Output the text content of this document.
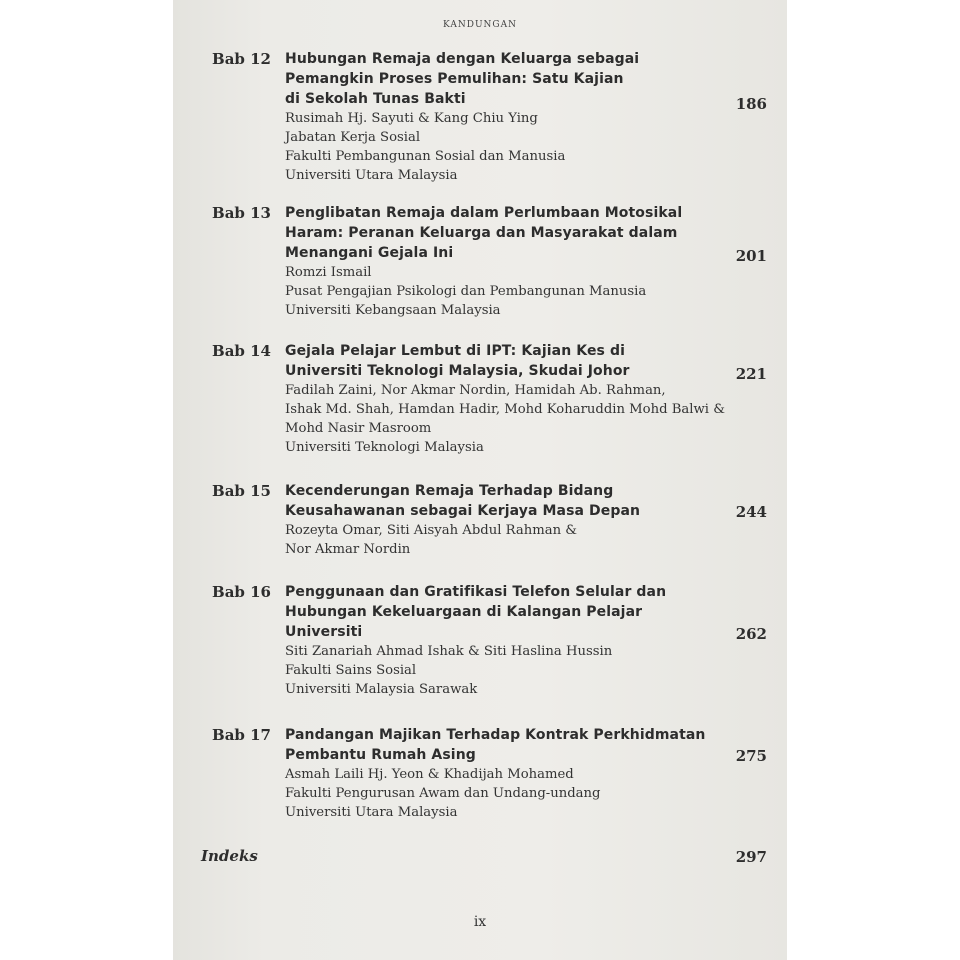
KANDUNGAN
Bab 12 Hubungan Remaja dengan Keluarga sebagai
Pemangkin Proses Pemulihan: Satu Kajian
di Sekolah Tunas Bakti
Rusimah Hj. Sayuti & Kang Chiu Ying
Jabatan Kerja Sosial
Fakulti Pembangunan Sosial dan Manusia
Universiti Utara Malaysia
186
Bab 13 Penglibatan Remaja dalam Perlumbaan Motosikal
Haram: Peranan Keluarga dan Masyarakat dalam
Menangani Gejala Ini
Romzi Ismail
Pusat Pengajian Psikologi dan Pembangunan Manusia
Universiti Kebangsaan Malaysia
201
Bab 14 Gejala Pelajar Lembut di IPT: Kajian Kes di
Universiti Teknologi Malaysia, Skudai Johor
Fadilah Zaini, Nor Akmar Nordin, Hamidah Ab. Rahman,
Ishak Md. Shah, Hamdan Hadir, Mohd Koharuddin Mohd Balwi &
Mohd Nasir Masroom
Universiti Teknologi Malaysia
221
Bab 15 Kecenderungan Remaja Terhadap Bidang
Keusahawanan sebagai Kerjaya Masa Depan
Rozeyta Omar, Siti Aisyah Abdul Rahman &
Nor Akmar Nordin
244
Bab 16 Penggunaan dan Gratifikasi Telefon Selular dan
Hubungan Kekeluargaan di Kalangan Pelajar
Universiti
Siti Zanariah Ahmad Ishak & Siti Haslina Hussin
Fakulti Sains Sosial
Universiti Malaysia Sarawak
262
Bab 17 Pandangan Majikan Terhadap Kontrak Perkhidmatan
Pembantu Rumah Asing
Asmah Laili Hj. Yeon & Khadijah Mohamed
Fakulti Pengurusan Awam dan Undang-undang
Universiti Utara Malaysia
275
Indeks	297
ix
